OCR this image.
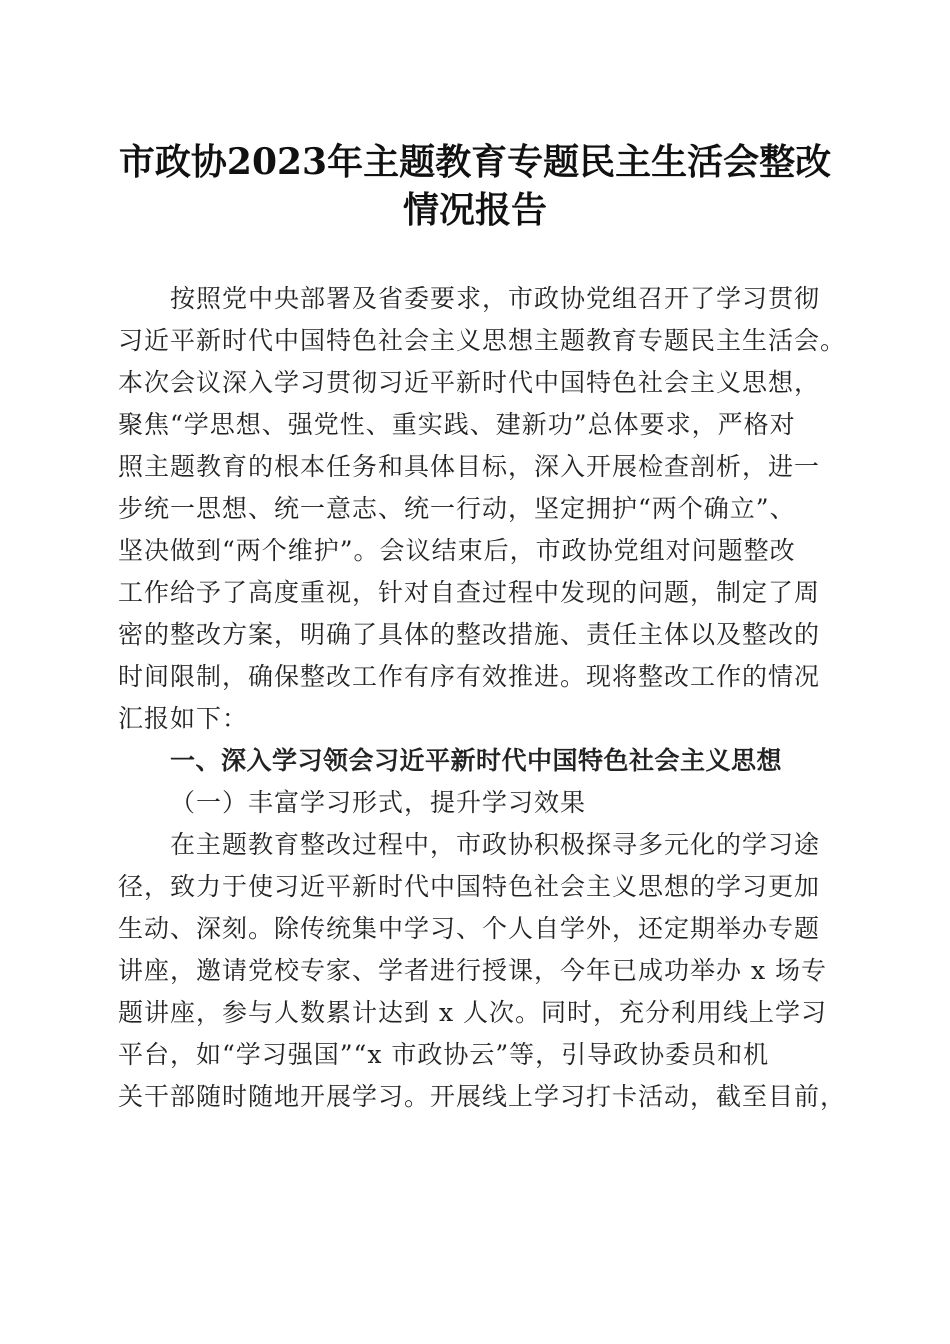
市政协2023年主题教育专题民主生活会整改
情况报告
按照党中央部署及省委要求，市政协党组召开了学习贯彻
习近平新时代中国特色社会主义思想主题教育专题民主生活会。
本次会议深入学习贯彻习近平新时代中国特色社会主义思想，
聚焦“学思想、强党性、重实践、建新功”总体要求，严格对
照主题教育的根本任务和具体目标，深入开展检查剖析，进一
步统一思想、统一意志、统一行动，坚定拥护“两个确立”、
坚决做到“两个维护”。会议结束后，市政协党组对问题整改
工作给予了高度重视，针对自查过程中发现的问题，制定了周
密的整改方案，明确了具体的整改措施、责任主体以及整改的
时间限制，确保整改工作有序有效推进。现将整改工作的情况
汇报如下：
一、深入学习领会习近平新时代中国特色社会主义思想
（一）丰富学习形式，提升学习效果
在主题教育整改过程中，市政协积极探寻多元化的学习途
径，致力于使习近平新时代中国特色社会主义思想的学习更加
生动、深刻。除传统集中学习、个人自学外，还定期举办专题
讲座，邀请党校专家、学者进行授课，今年已成功举办 x 场专
题讲座，参与人数累计达到 x 人次。同时，充分利用线上学习
平台，如“学习强国”“x 市政协云”等，引导政协委员和机
关干部随时随地开展学习。开展线上学习打卡活动，截至目前，
